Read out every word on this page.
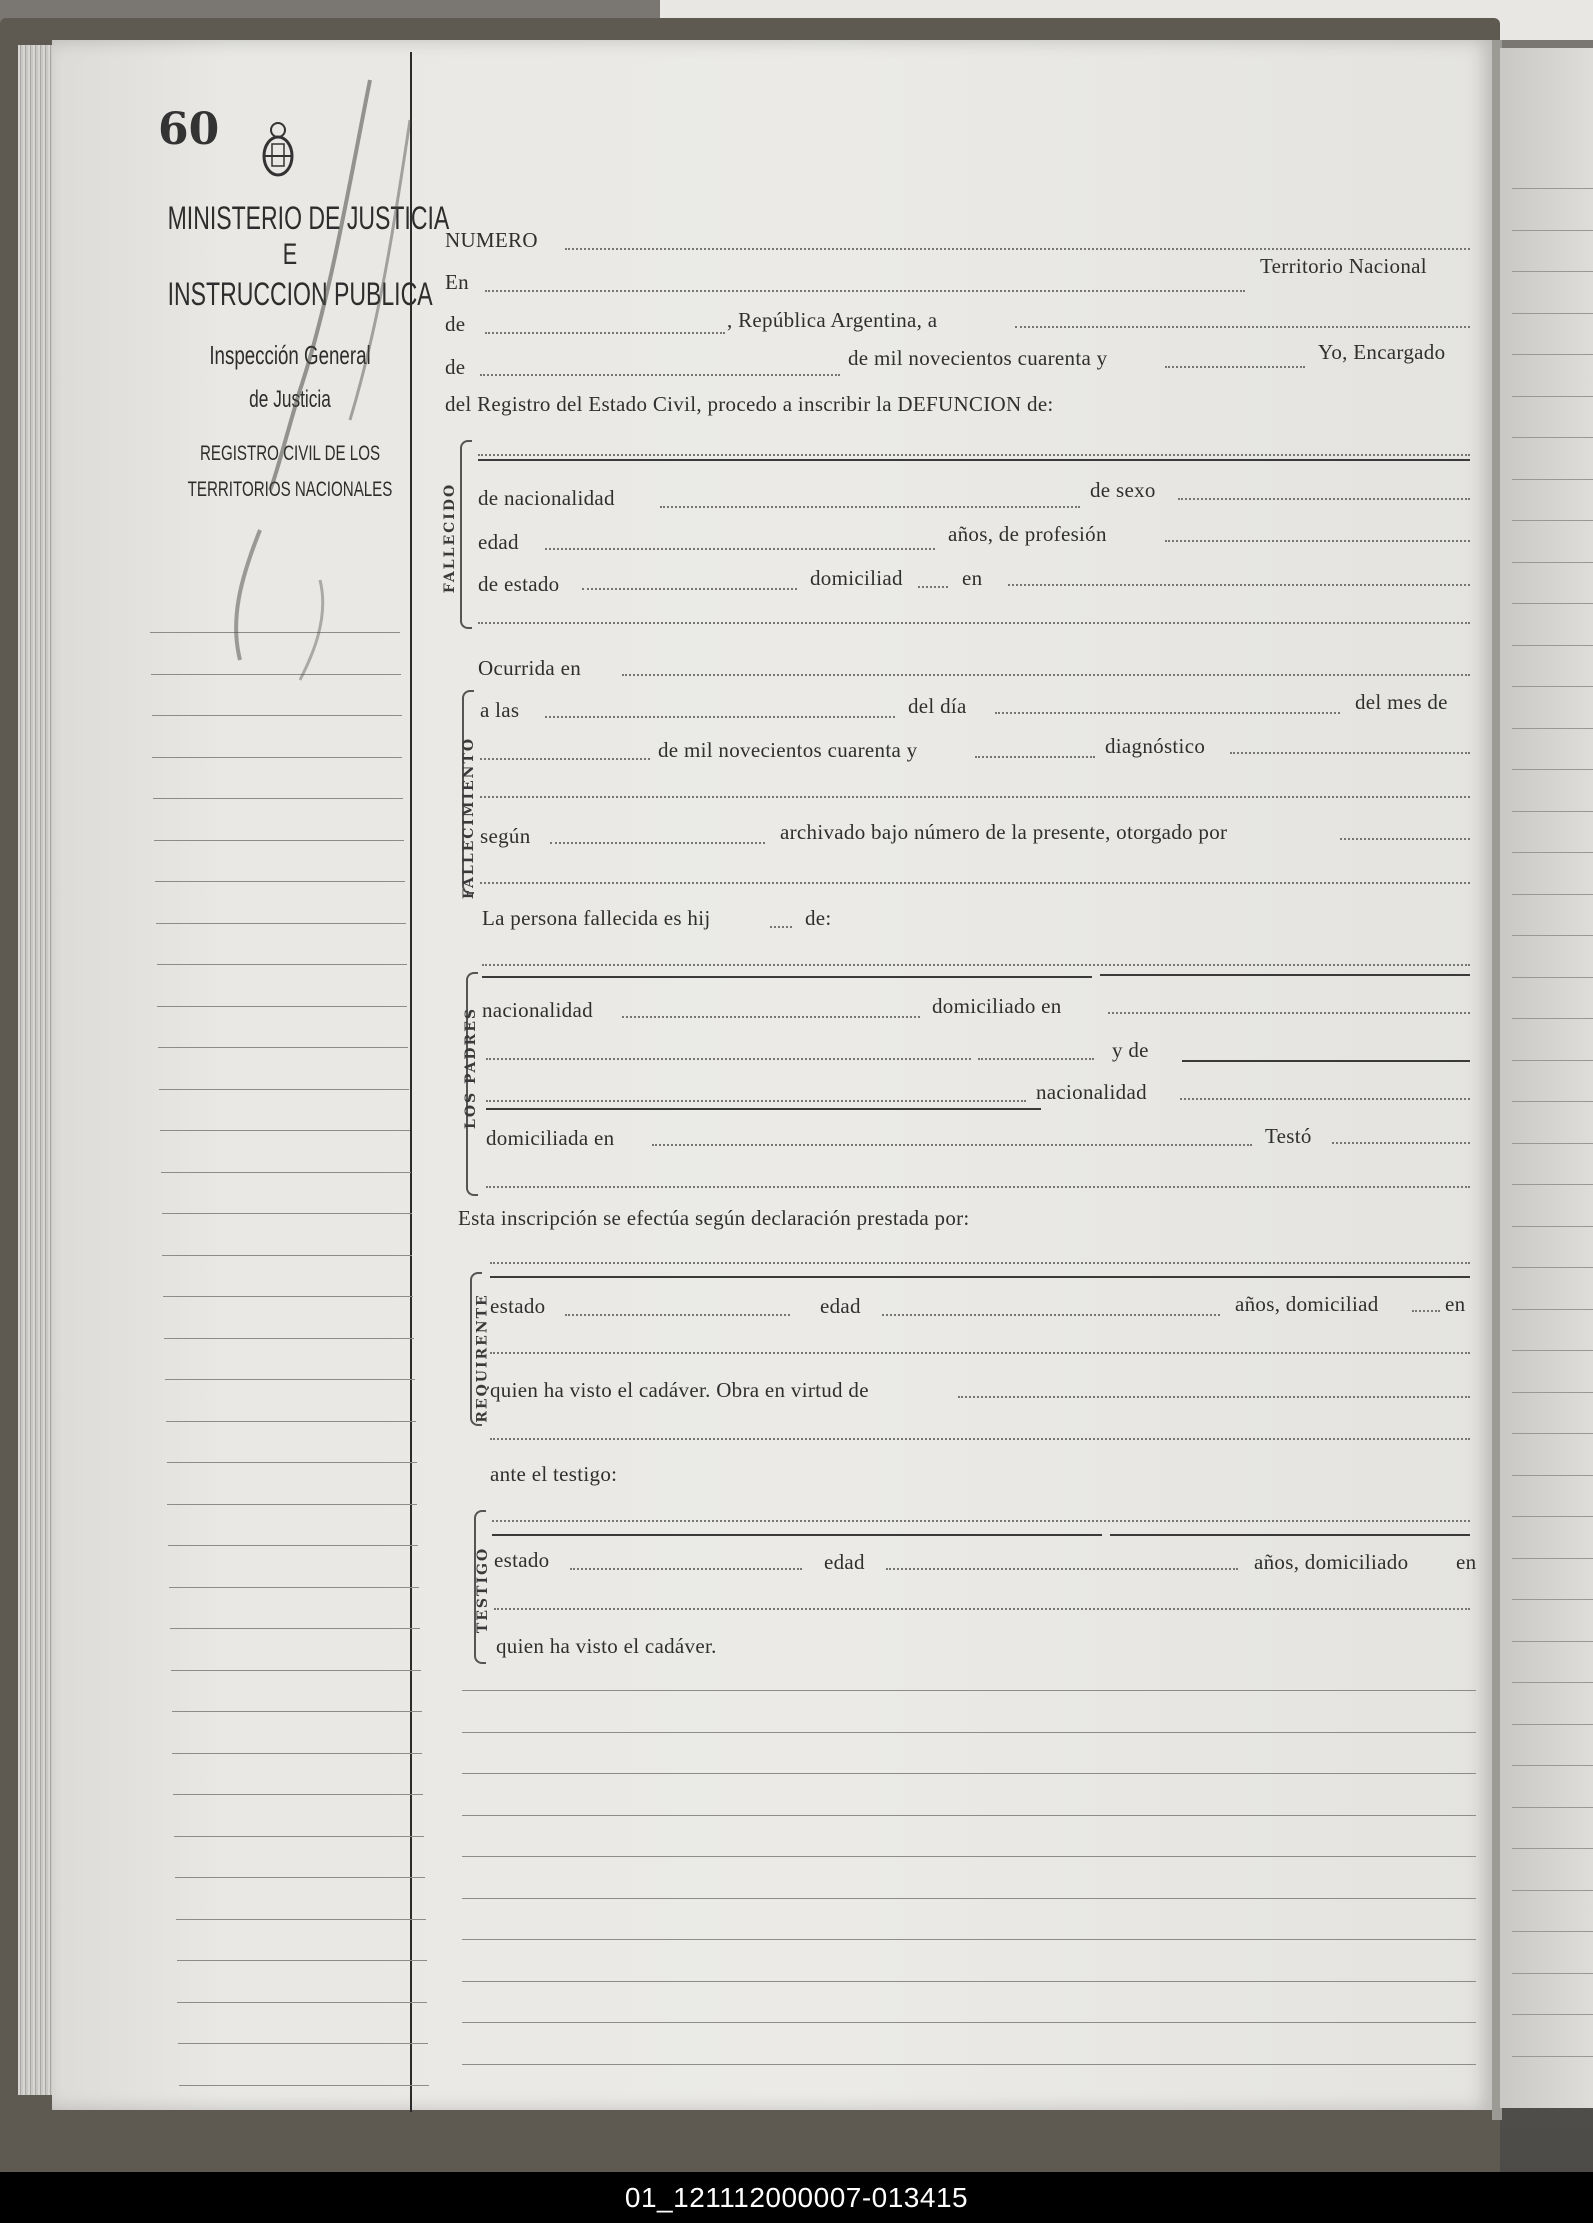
60
MINISTERIO DE JUSTICIA
E
INSTRUCCION PUBLICA
Inspección General
de Justicia
REGISTRO CIVIL DE LOS
TERRITORIOS NACIONALES
NUMERO
En
Territorio Nacional
de	, República Argentina, a
de	de mil novecientos cuarenta y	Yo, Encargado
del Registro del Estado Civil, procedo a inscribir la DEFUNCION de:
FALLECIDO de nacionalidad	de sexo
edad	años, de profesión
de estado	domiciliad	en
Ocurrida en
FALLECIMIENTO
a las	del día	del mes de
de mil novecientos cuarenta y	diagnóstico
según	archivado bajo número de la presente, otorgado por
La persona fallecida es hij	de:
LOS PADRES nacionalidad	domiciliado en
y de
nacionalidad
domiciliada en	Testó
Esta inscripción se efectúa según declaración prestada por:
REQUIRENTE estado	edad	años, domiciliad	en
quien ha visto el cadáver. Obra en virtud de
ante el testigo:
TESTIGO estado	edad	años, domiciliado en
quien ha visto el cadáver.
01_121112000007-013415
